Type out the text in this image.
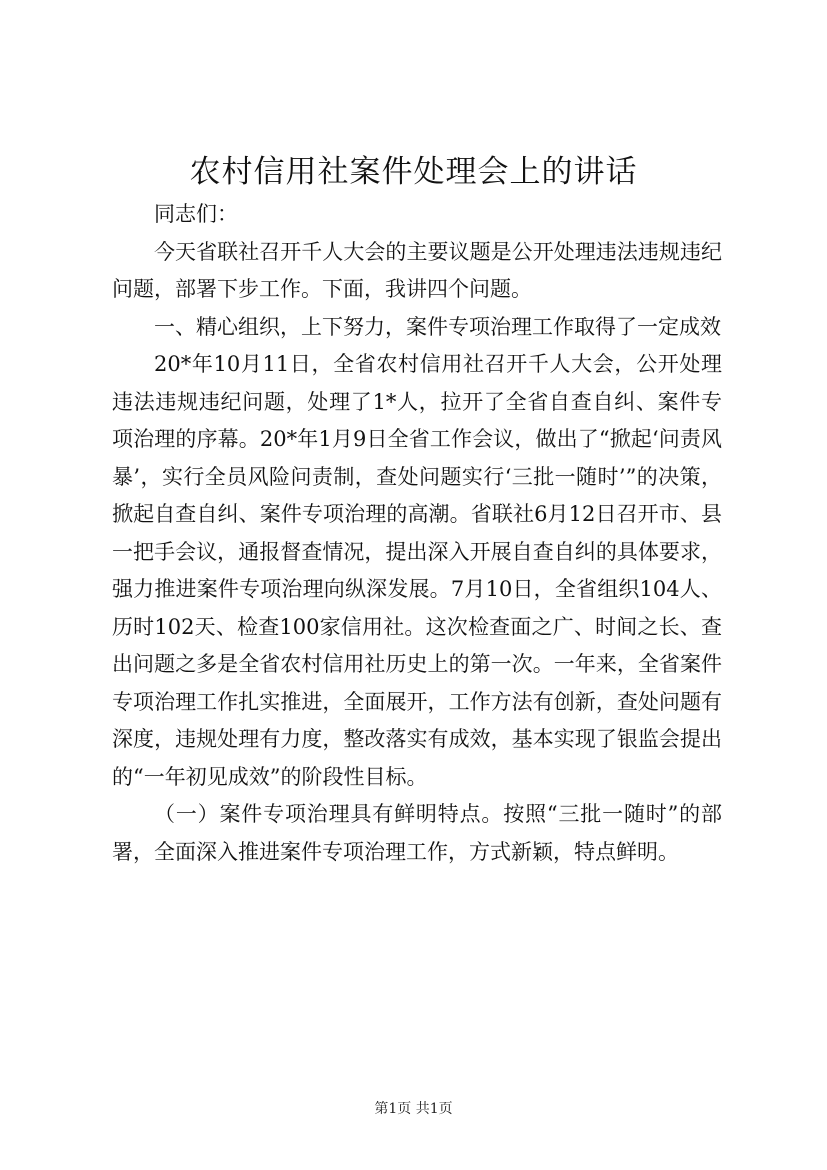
农村信用社案件处理会上的讲话

同志们：

今天省联社召开千人大会的主要议题是公开处理违法违规违纪问题，部署下步工作。下面，我讲四个问题。

一、精心组织，上下努力，案件专项治理工作取得了一定成效

20*年10月11日，全省农村信用社召开千人大会，公开处理违法违规违纪问题，处理了1*人，拉开了全省自查自纠、案件专项治理的序幕。20*年1月9日全省工作会议，做出了“掀起‘问责风暴’，实行全员风险问责制，查处问题实行‘三批一随时’”的决策，掀起自查自纠、案件专项治理的高潮。省联社6月12日召开市、县一把手会议，通报督查情况，提出深入开展自查自纠的具体要求，强力推进案件专项治理向纵深发展。7月10日，全省组织104人、历时102天、检查100家信用社。这次检查面之广、时间之长、查出问题之多是全省农村信用社历史上的第一次。一年来，全省案件专项治理工作扎实推进，全面展开，工作方法有创新，查处问题有深度，违规处理有力度，整改落实有成效，基本实现了银监会提出的“一年初见成效”的阶段性目标。

（一）案件专项治理具有鲜明特点。按照“三批一随时”的部署，全面深入推进案件专项治理工作，方式新颖，特点鲜明。

第1页 共1页
